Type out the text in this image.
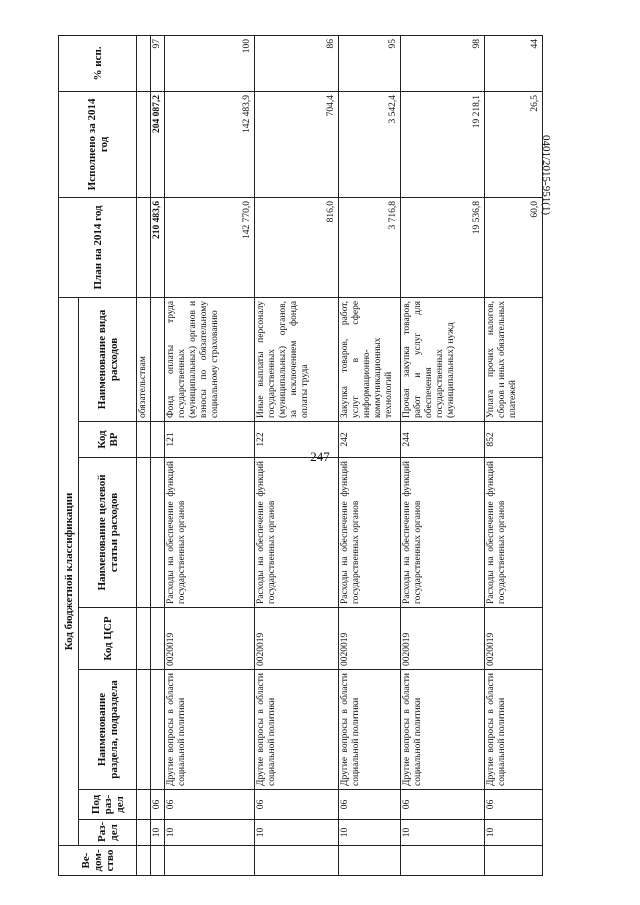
247
0401/2015-951(1)
Ве-дом-ство	Код бюджетной классификации							План на 2014 год	Исполнено за 2014 год	% исп.
	Раз-дел	Под раз-дел	Наименование раздела, подраздела	Код ЦСР	Наименование целевой статьи расходов	Код ВР	Наименование вида расходов			
							обязательствам			
	10	06						210 483,6	204 087,2	97
	10	06	Другие вопросы в области социальной политики	0020019	Расходы на обеспечение функций государственных органов	121	Фонд оплаты труда государственных (муниципальных) органов и взносы по обязательному социальному страхованию	142 770,0	142 483,9	100
	10	06	Другие вопросы в области социальной политики	0020019	Расходы на обеспечение функций государственных органов	122	Иные выплаты персоналу государственных (муниципальных) органов, за исключением фонда оплаты труда	816,0	704,4	86
	10	06	Другие вопросы в области социальной политики	0020019	Расходы на обеспечение функций государственных органов	242	Закупка товаров, работ, услуг в сфере информационно-коммуникационных технологий	3 716,8	3 542,4	95
	10	06	Другие вопросы в области социальной политики	0020019	Расходы на обеспечение функций государственных органов	244	Прочая закупка товаров, работ и услуг для обеспечения государственных (муниципальных) нужд	19 536,8	19 218,1	98
	10	06	Другие вопросы в области социальной политики	0020019	Расходы на обеспечение функций государственных органов	852	Уплата прочих налогов, сборов и иных обязательных платежей	60,0	26,5	44
